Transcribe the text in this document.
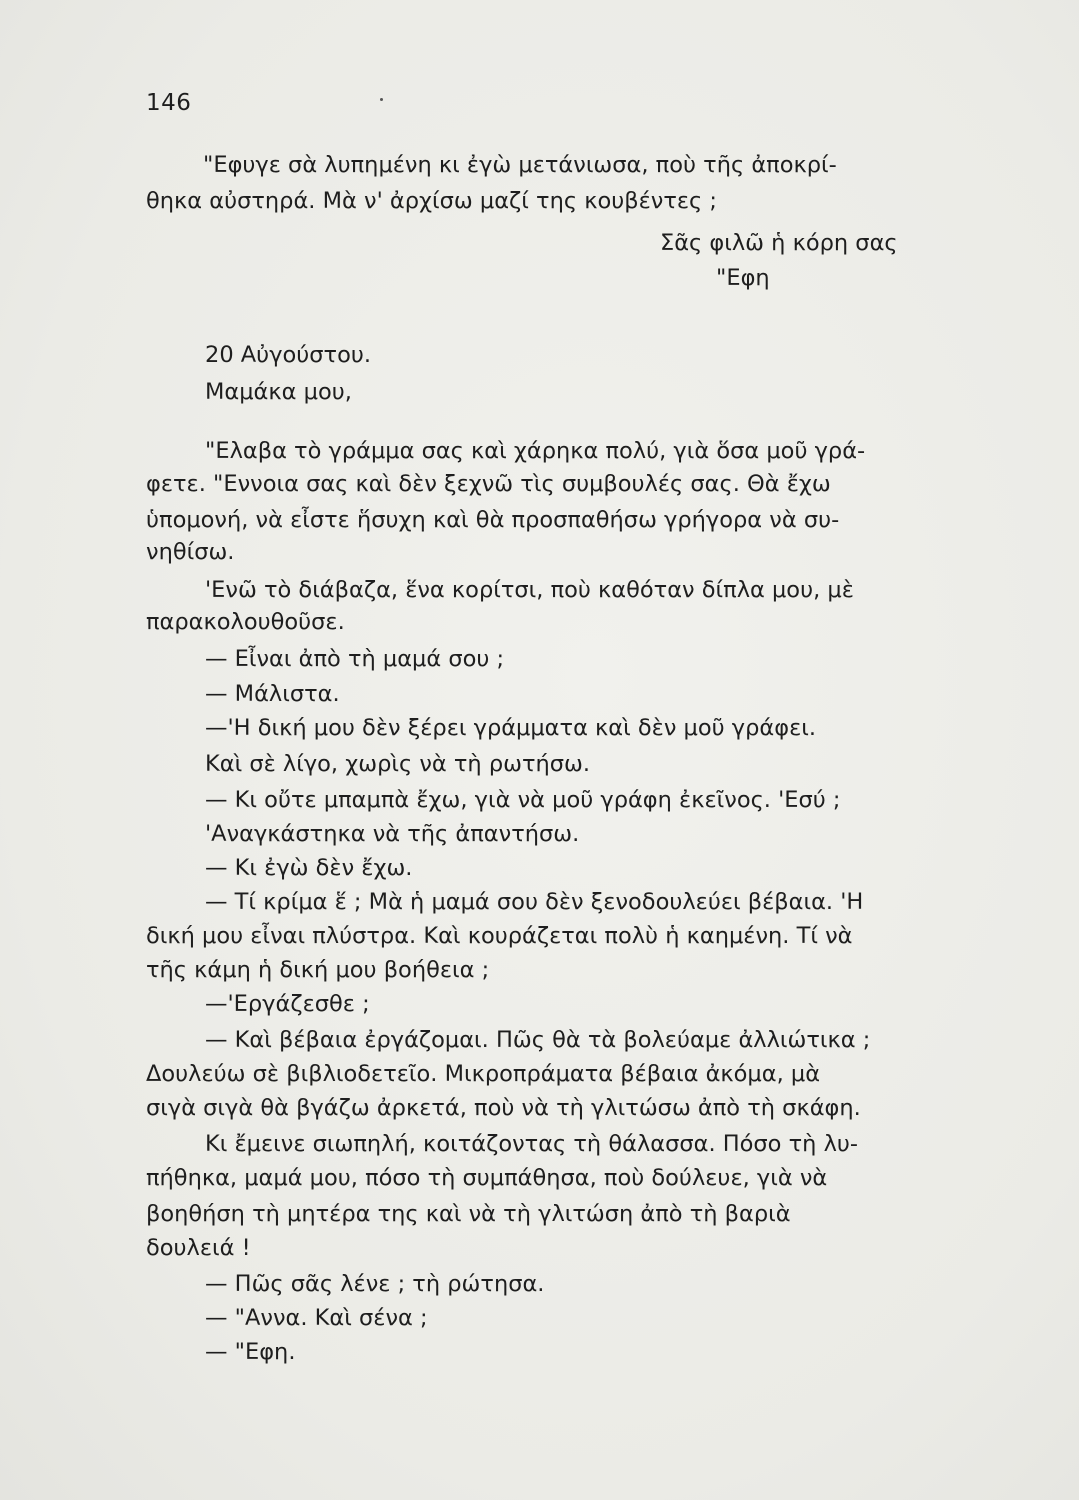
146
"Εφυγε σὰ λυπημένη κι ἐγὼ μετάνιωσα, ποὺ τῆς ἀποκρί-
θηκα αὐστηρά. Μὰ ν' ἀρχίσω μαζί της κουβέντες ;
Σᾶς φιλῶ ἡ κόρη σας
"Εφη
20 Αὐγούστου.
Μαμάκα μου,
"Ελαβα τὸ γράμμα σας καὶ χάρηκα πολύ, γιὰ ὅσα μοῦ γρά-
φετε. "Εννοια σας καὶ δὲν ξεχνῶ τὶς συμβουλές σας. Θὰ ἔχω
ὑπομονή, νὰ εἶστε ἥσυχη καὶ θὰ προσπαθήσω γρήγορα νὰ συ-
νηθίσω.
'Ενῶ τὸ διάβαζα, ἕνα κορίτσι, ποὺ καθόταν δίπλα μου, μὲ
παρακολουθοῦσε.
— Εἶναι ἀπὸ τὴ μαμά σου ;
— Μάλιστα.
—'Η δική μου δὲν ξέρει γράμματα καὶ δὲν μοῦ γράφει.
Καὶ σὲ λίγο, χωρὶς νὰ τὴ ρωτήσω.
— Κι οὔτε μπαμπὰ ἔχω, γιὰ νὰ μοῦ γράφη ἐκεῖνος. 'Εσύ ;
'Αναγκάστηκα νὰ τῆς ἀπαντήσω.
— Κι ἐγὼ δὲν ἔχω.
— Τί κρίμα ἕ ; Μὰ ἡ μαμά σου δὲν ξενοδουλεύει βέβαια. 'Η
δική μου εἶναι πλύστρα. Καὶ κουράζεται πολὺ ἡ καημένη. Τί νὰ
τῆς κάμη ἡ δική μου βοήθεια ;
—'Εργάζεσθε ;
— Καὶ βέβαια ἐργάζομαι. Πῶς θὰ τὰ βολεύαμε ἀλλιώτικα ;
Δουλεύω σὲ βιβλιοδετεῖο. Μικροπράματα βέβαια ἀκόμα, μὰ
σιγὰ σιγὰ θὰ βγάζω ἀρκετά, ποὺ νὰ τὴ γλιτώσω ἀπὸ τὴ σκάφη.
Κι ἔμεινε σιωπηλή, κοιτάζοντας τὴ θάλασσα. Πόσο τὴ λυ-
πήθηκα, μαμά μου, πόσο τὴ συμπάθησα, ποὺ δούλευε, γιὰ νὰ
βοηθήση τὴ μητέρα της καὶ νὰ τὴ γλιτώση ἀπὸ τὴ βαριὰ
δουλειά !
— Πῶς σᾶς λένε ; τὴ ρώτησα.
— "Αννα. Καὶ σένα ;
— "Εφη.
